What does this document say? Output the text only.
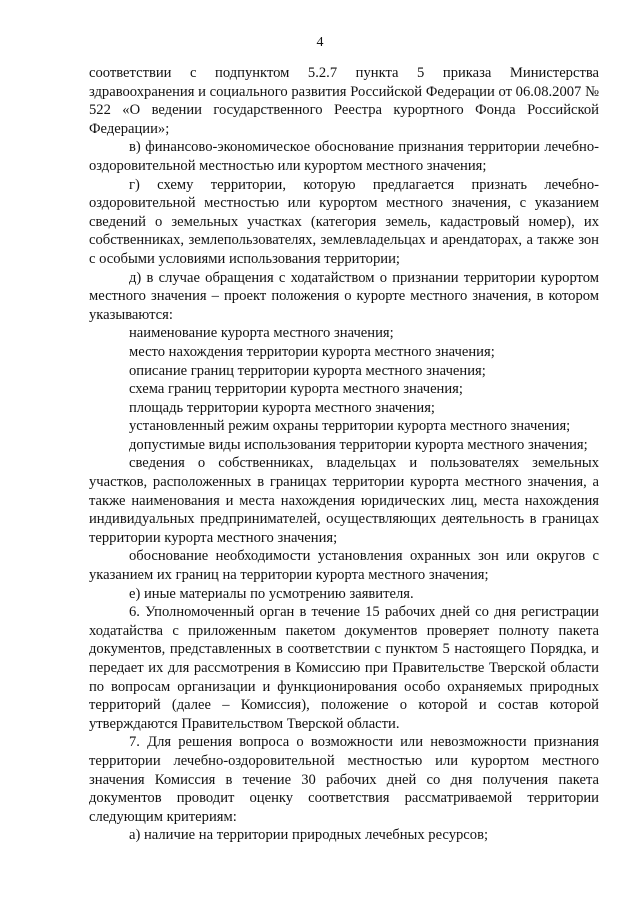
4

соответствии с подпунктом 5.2.7 пункта 5 приказа Министерства здравоохранения и социального развития Российской Федерации от 06.08.2007 № 522 «О ведении государственного Реестра курортного Фонда Российской Федерации»;

в) финансово-экономическое обоснование признания территории лечебно-оздоровительной местностью или курортом местного значения;

г) схему территории, которую предлагается признать лечебно-оздоровительной местностью или курортом местного значения, с указанием сведений о земельных участках (категория земель, кадастровый номер), их собственниках, землепользователях, землевладельцах и арендаторах, а также зон с особыми условиями использования территории;

д) в случае обращения с ходатайством о признании территории курортом местного значения – проект положения о курорте местного значения, в котором указываются:

наименование курорта местного значения;

место нахождения территории курорта местного значения;

описание границ территории курорта местного значения;

схема границ территории курорта местного значения;

площадь территории курорта местного значения;

установленный режим охраны территории курорта местного значения;

допустимые виды использования территории курорта местного значения;

сведения о собственниках, владельцах и пользователях земельных участков, расположенных в границах территории курорта местного значения, а также наименования и места нахождения юридических лиц, места нахождения индивидуальных предпринимателей, осуществляющих деятельность в границах территории курорта местного значения;

обоснование необходимости установления охранных зон или округов с указанием их границ на территории курорта местного значения;

е) иные материалы по усмотрению заявителя.

6. Уполномоченный орган в течение 15 рабочих дней со дня регистрации ходатайства с приложенным пакетом документов проверяет полноту пакета документов, представленных в соответствии с пунктом 5 настоящего Порядка, и передает их для рассмотрения в Комиссию при Правительстве Тверской области по вопросам организации и функционирования особо охраняемых природных территорий (далее – Комиссия), положение о которой и состав которой утверждаются Правительством Тверской области.

7. Для решения вопроса о возможности или невозможности признания территории лечебно-оздоровительной местностью или курортом местного значения Комиссия в течение 30 рабочих дней со дня получения пакета документов проводит оценку соответствия рассматриваемой территории следующим критериям:

а) наличие на территории природных лечебных ресурсов;
